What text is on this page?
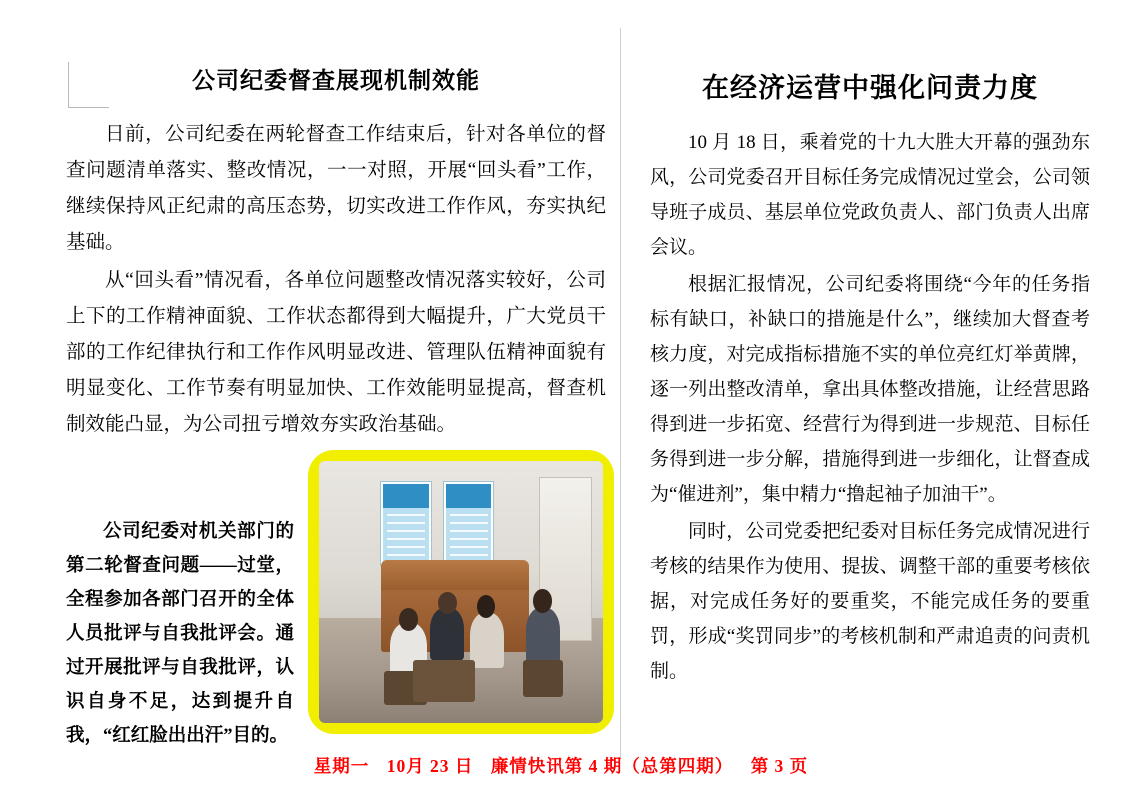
公司纪委督查展现机制效能

日前，公司纪委在两轮督查工作结束后，针对各单位的督查问题清单落实、整改情况，一一对照，开展“回头看”工作，继续保持风正纪肃的高压态势，切实改进工作作风，夯实执纪基础。

从“回头看”情况看，各单位问题整改情况落实较好，公司上下的工作精神面貌、工作状态都得到大幅提升，广大党员干部的工作纪律执行和工作作风明显改进、管理队伍精神面貌有明显变化、工作节奏有明显加快、工作效能明显提高，督查机制效能凸显，为公司扭亏增效夯实政治基础。

公司纪委对机关部门的第二轮督查问题——过堂，全程参加各部门召开的全体人员批评与自我批评会。通过开展批评与自我批评，认识自身不足，达到提升自我，“红红脸出出汗”目的。
在经济运营中强化问责力度

10 月 18 日，乘着党的十九大胜大开幕的强劲东风，公司党委召开目标任务完成情况过堂会，公司领导班子成员、基层单位党政负责人、部门负责人出席会议。

根据汇报情况，公司纪委将围绕“今年的任务指标有缺口，补缺口的措施是什么”，继续加大督查考核力度，对完成指标措施不实的单位亮红灯举黄牌，逐一列出整改清单，拿出具体整改措施，让经营思路得到进一步拓宽、经营行为得到进一步规范、目标任务得到进一步分解，措施得到进一步细化，让督查成为“催进剂”，集中精力“撸起袖子加油干”。

同时，公司党委把纪委对目标任务完成情况进行考核的结果作为使用、提拔、调整干部的重要考核依据，对完成任务好的要重奖，不能完成任务的要重罚，形成“奖罚同步”的考核机制和严肃追责的问责机制。

星期一 10月 23 日 廉情快讯第 4 期（总第四期） 第 3 页
